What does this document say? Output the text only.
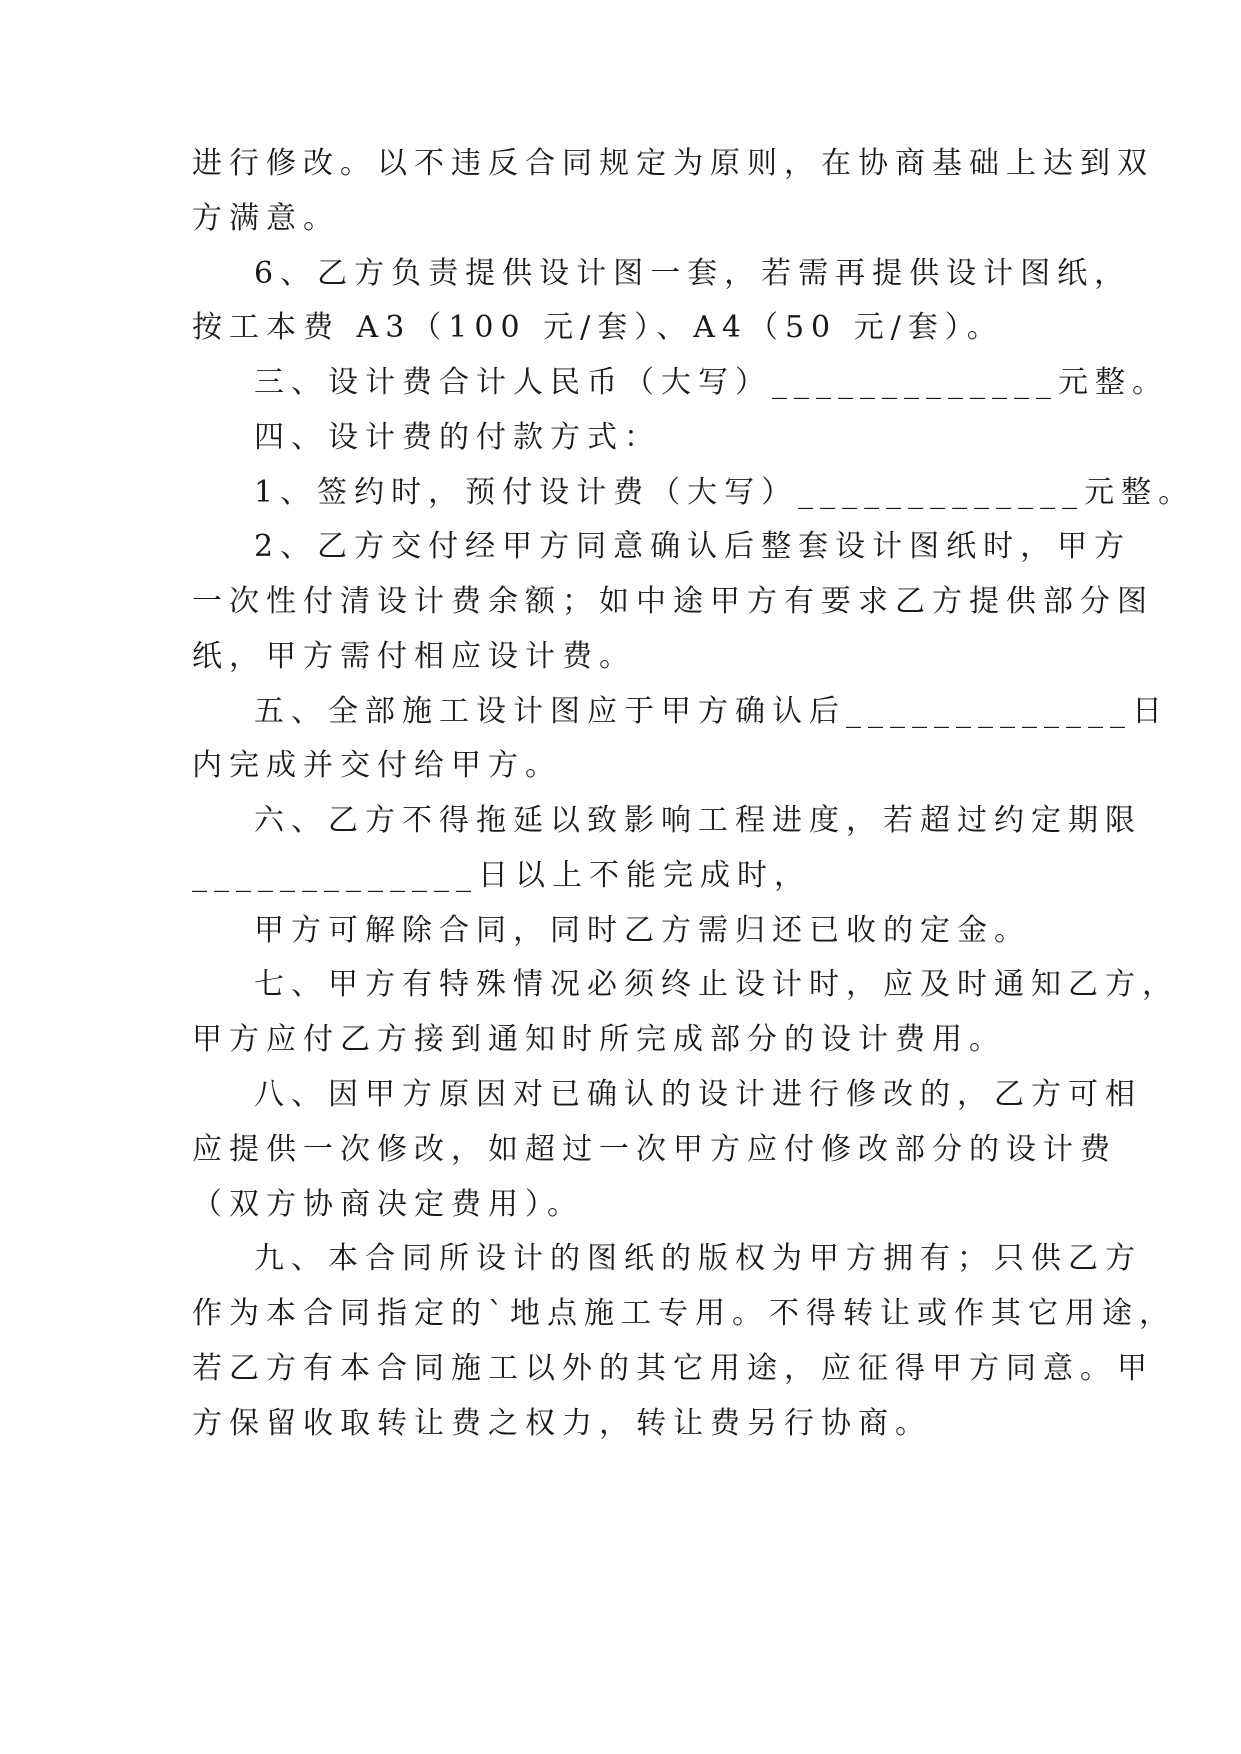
进行修改。以不违反合同规定为原则，在协商基础上达到双
方满意。
6、乙方负责提供设计图一套，若需再提供设计图纸，
按工本费 A3（100 元/套）、A4（50 元/套）。
三、设计费合计人民币（大写）_____________元整。
四、设计费的付款方式：
1、签约时，预付设计费（大写）_____________元整。
2、乙方交付经甲方同意确认后整套设计图纸时，甲方
一次性付清设计费余额；如中途甲方有要求乙方提供部分图
纸，甲方需付相应设计费。
五、全部施工设计图应于甲方确认后_____________日
内完成并交付给甲方。
六、乙方不得拖延以致影响工程进度，若超过约定期限
_____________日以上不能完成时，
甲方可解除合同，同时乙方需归还已收的定金。
七、甲方有特殊情况必须终止设计时，应及时通知乙方，
甲方应付乙方接到通知时所完成部分的设计费用。
八、因甲方原因对已确认的设计进行修改的，乙方可相
应提供一次修改，如超过一次甲方应付修改部分的设计费
（双方协商决定费用）。
九、本合同所设计的图纸的版权为甲方拥有；只供乙方
作为本合同指定的`地点施工专用。不得转让或作其它用途，
若乙方有本合同施工以外的其它用途，应征得甲方同意。甲
方保留收取转让费之权力，转让费另行协商。
